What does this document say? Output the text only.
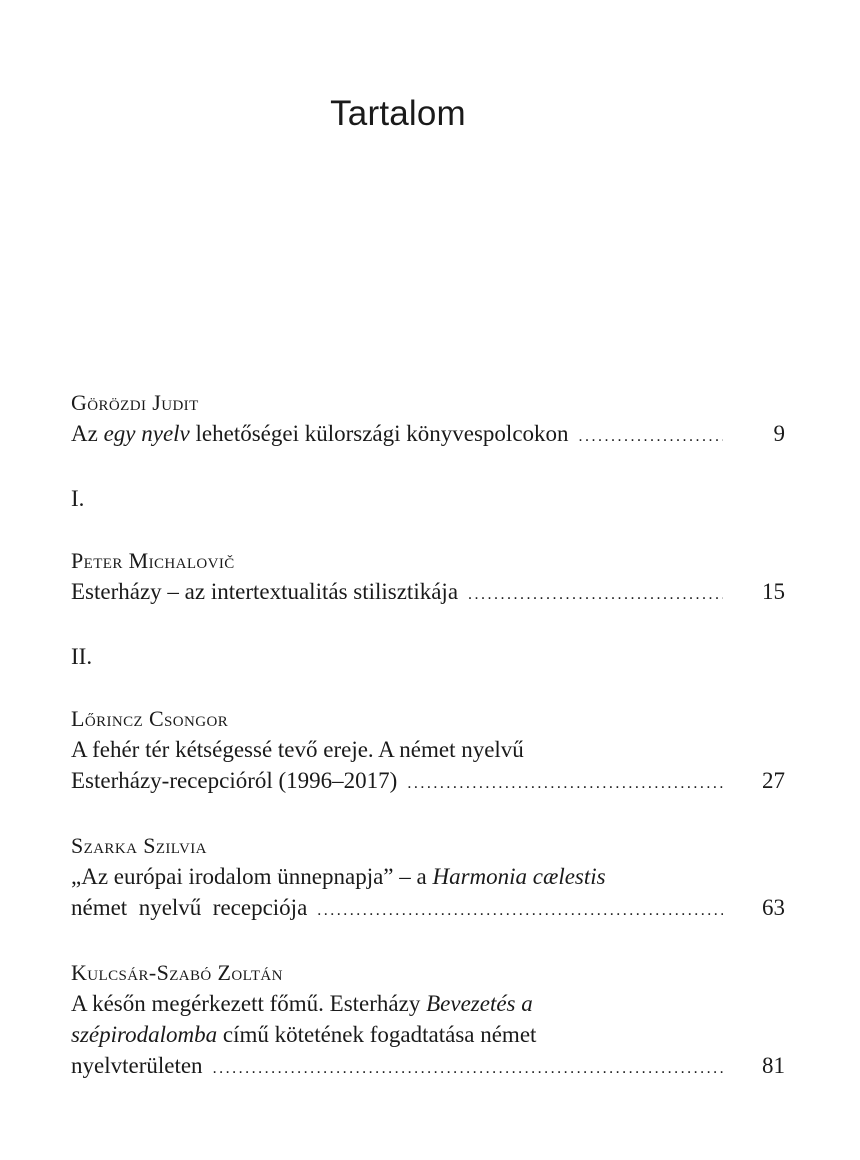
Tartalom
Görözdi Judit
Az egy nyelv lehetőségei külországi könyvespolcokon .....	9
I.
Peter Michalovič
Esterházy – az intertextualitás stilisztikája .....	15
II.
Lőrincz Csongor
A fehér tér kétségessé tevő ereje. A német nyelvű
Esterházy-recepcióról (1996–2017) .....	27
Szarka Szilvia
„Az európai irodalom ünnepnapja” – a Harmonia cælestis
német  nyelvű  recepciója .....	63
Kulcsár-Szabó Zoltán
A későn megérkezett főmű. Esterházy Bevezetés a
szépirodalomba című kötetének fogadtatása német
nyelvterületen .....	81
